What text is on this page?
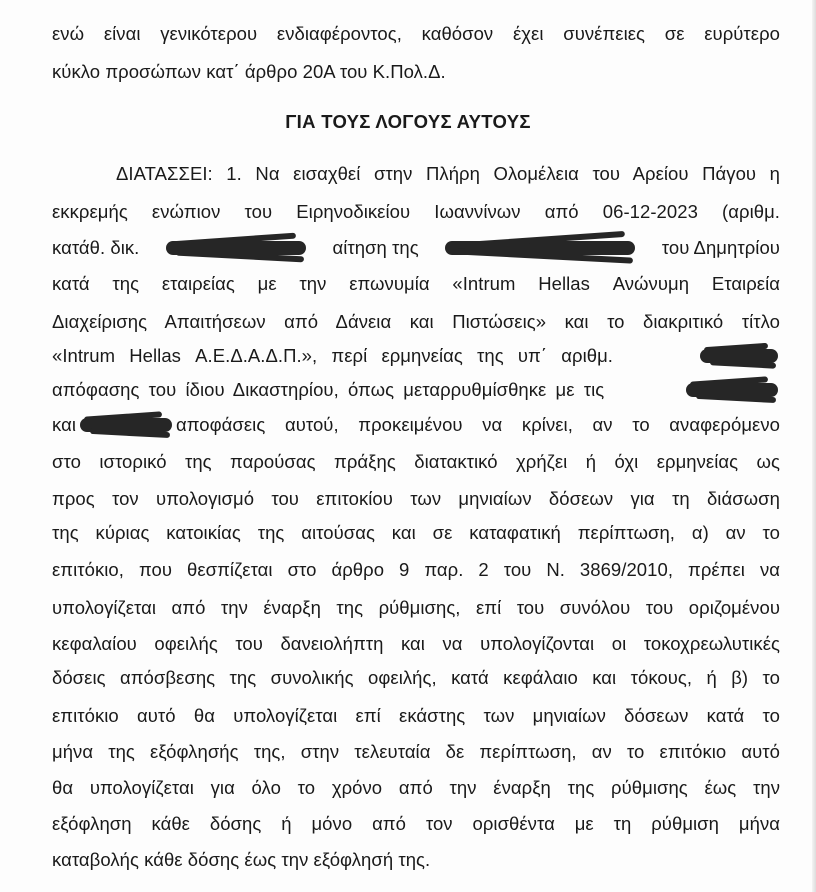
ενώ είναι γενικότερου ενδιαφέροντος, καθόσον έχει συνέπειες σε ευρύτερο
κύκλο προσώπων κατ΄ άρθρο 20Α του Κ.Πολ.Δ.
ΓΙΑ ΤΟΥΣ ΛΟΓΟΥΣ ΑΥΤΟΥΣ
ΔΙΑΤΑΣΣΕΙ: 1. Να εισαχθεί στην Πλήρη Ολομέλεια του Αρείου Πάγου η
εκκρεμής ενώπιον του Ειρηνοδικείου Ιωαννίνων από 06-12-2023 (αριθμ.
κατάθ. δικ.	αίτηση της	του Δημητρίου
κατά της εταιρείας με την επωνυμία «Intrum Hellas Ανώνυμη Εταιρεία
Διαχείρισης Απαιτήσεων από Δάνεια και Πιστώσεις» και το διακριτικό τίτλο
«Intrum Hellas Α.Ε.Δ.Α.Δ.Π.», περί ερμηνείας της υπ΄ αριθμ.
απόφασης του ίδιου Δικαστηρίου, όπως μεταρρυθμίσθηκε με τις
και	αποφάσεις αυτού, προκειμένου να κρίνει, αν το αναφερόμενο
στο ιστορικό της παρούσας πράξης διατακτικό χρήζει ή όχι ερμηνείας ως
προς τον υπολογισμό του επιτοκίου των μηνιαίων δόσεων για τη διάσωση
της κύριας κατοικίας της αιτούσας και σε καταφατική περίπτωση, α) αν το
επιτόκιο, που θεσπίζεται στο άρθρο 9 παρ. 2 του Ν. 3869/2010, πρέπει να
υπολογίζεται από την έναρξη της ρύθμισης, επί του συνόλου του οριζομένου
κεφαλαίου οφειλής του δανειολήπτη και να υπολογίζονται οι τοκοχρεωλυτικές
δόσεις απόσβεσης της συνολικής οφειλής, κατά κεφάλαιο και τόκους, ή β) το
επιτόκιο αυτό θα υπολογίζεται επί εκάστης των μηνιαίων δόσεων κατά το
μήνα της εξόφλησής της, στην τελευταία δε περίπτωση, αν το επιτόκιο αυτό
θα υπολογίζεται για όλο το χρόνο από την έναρξη της ρύθμισης έως την
εξόφληση κάθε δόσης ή μόνο από τον ορισθέντα με τη ρύθμιση μήνα
καταβολής κάθε δόσης έως την εξόφλησή της.
